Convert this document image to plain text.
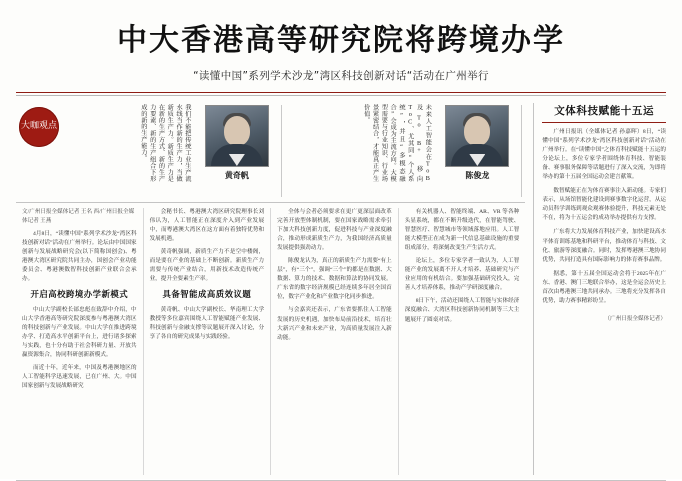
中大香港高等研究院将跨境办学
“读懂中国”系列学术沙龙”湾区科技创新对话“活动在广州举行
大咖观点	我们不能把传统工业生产流水线当作新的生产力，当做新质生产力。新质生产力是在新的生产方式、新的生产力要素、新的生产组合下形成的新的生产能力。
黄奇帆	未来人工智能会在ToB及To B+ 移向ToC、尤其同“个人系统”，并且“多模态融合”会成为主流方向。大模型需要与行业知识、行业场景紧密结合，才能真正产生价值。
陈俊龙

文/广州日报全媒体记者 王名 西/广州日报全媒体记者 王燕

4月8日，“读懂中国”系列学术沙龙“湾区科技创新对话”活动在广州举行。论坛由中国国家创新与发展战略研究会(以下简称国创会)、粤港澳大湾区研究院共同主办，国创会产业功能委员会、粤港澳数智科技创新产业联合会承办。

开启高校跨境办学新模式

中山大学副校长邰忠彪在致辞中介绍，中山大学香港高等研究院深度参与粤港澳大湾区的科技创新与产业发展。中山大学在推进跨境办学、打造高水平创新平台上，进行诸多探索与实践，也十分有助于社会科研力量、开放共赢资源集合，协同科研创新新模式。

而近十年，近年来，中国及粤港澳地区的人工智能科学迅速发展，已在广州、大。中国国家创新与发展战略研究

会秘书长、粤港澳大湾区研究院理事长刘伟认为，人工智能正在深度介入到产业发展中，而粤港澳大湾区在这方面有着独特优势和发展机遇。

黄奇帆强调，新质生产力不是空中楼阁，而是要在产业的基础上不断创新。新质生产力需要与传统产业结合，用新技术改造传统产业，提升全要素生产率。

具备智能成高质效议题

黄奇帆、中山大学副校长、华南理工大学教授等多位嘉宾围绕人工智能赋能产业发展、科技创新与金融支撑等议题展开深入讨论，分享了各自的研究成果与实践经验。

全体与会者必须要求在更广更深层面改革完善开放型体制机制，要在国家战略需求牵引下加大科技创新力度，促进科技与产业深度融合，推动形成新质生产力，为我国经济高质量发展提供强劲动力。

陈俊龙认为，真正的新质生产力需要“有上层”，有“三个”，强调“三个”的都是在数据、大数据、算力的技术、数据和算法的协同发展。广东省的数字经济规模已经连续多年居全国首位，数字产业化和产业数字化同步推进。

与会嘉宾还表示，广东省要抓住人工智能发展的历史机遇，加快布局前沿技术，培育壮大新兴产业和未来产业，为高质量发展注入新动能。

有关机器人、智能终端、AR、VR 等各种头显系统，都在不断升级迭代，在智能驾驶、智慧医疗、智慧城市等领域落地应用。人工智能大模型正在成为新一代信息基础设施的重要组成部分，将深刻改变生产生活方式。

论坛上，多位专家学者一致认为，人工智能产业的发展离不开人才培养、基础研究与产业应用的有机结合。要加强基础研究投入，完善人才培养体系，推动产学研深度融合。

8日下午，活动还围绕人工智能与实体经济深度融合、大湾区科技创新协同机制等三大主题展开了圆桌对话。

文体科技赋能十五运

广州日报讯（全媒体记者 孙嘉晖）8日，“读懂中国”系列学术沙龙“湾区科技创新对话”活动在广州举行。在“读懂中国”之体育科技赋能十五运的分论坛上，多位专家学者围绕体育科技、智能装备、赛事服务保障等话题进行了深入交流，为即将举办的第十五届全国运动会建言献策。

数智赋能正在为体育赛事注入新动能。专家们表示，从场馆智能化建设到赛事数字化运营，从运动员科学训练到观众观赛体验提升，科技元素无处不在，将为十五运会的成功举办提供有力支撑。

广东将大力发展体育科技产业，加快建设高水平体育训练基地和科研平台，推动体育与科技、文化、旅游等深度融合。同时，发挥粤港澳三地协同优势，共同打造具有国际影响力的体育赛事品牌。

据悉，第十五届全国运动会将于2025年在广东、香港、澳门三地联合举办，这是全运会历史上首次由粤港澳三地共同承办。三地将充分发挥各自优势，助力赛事精彩纷呈。

（广州日报全媒体记者）
